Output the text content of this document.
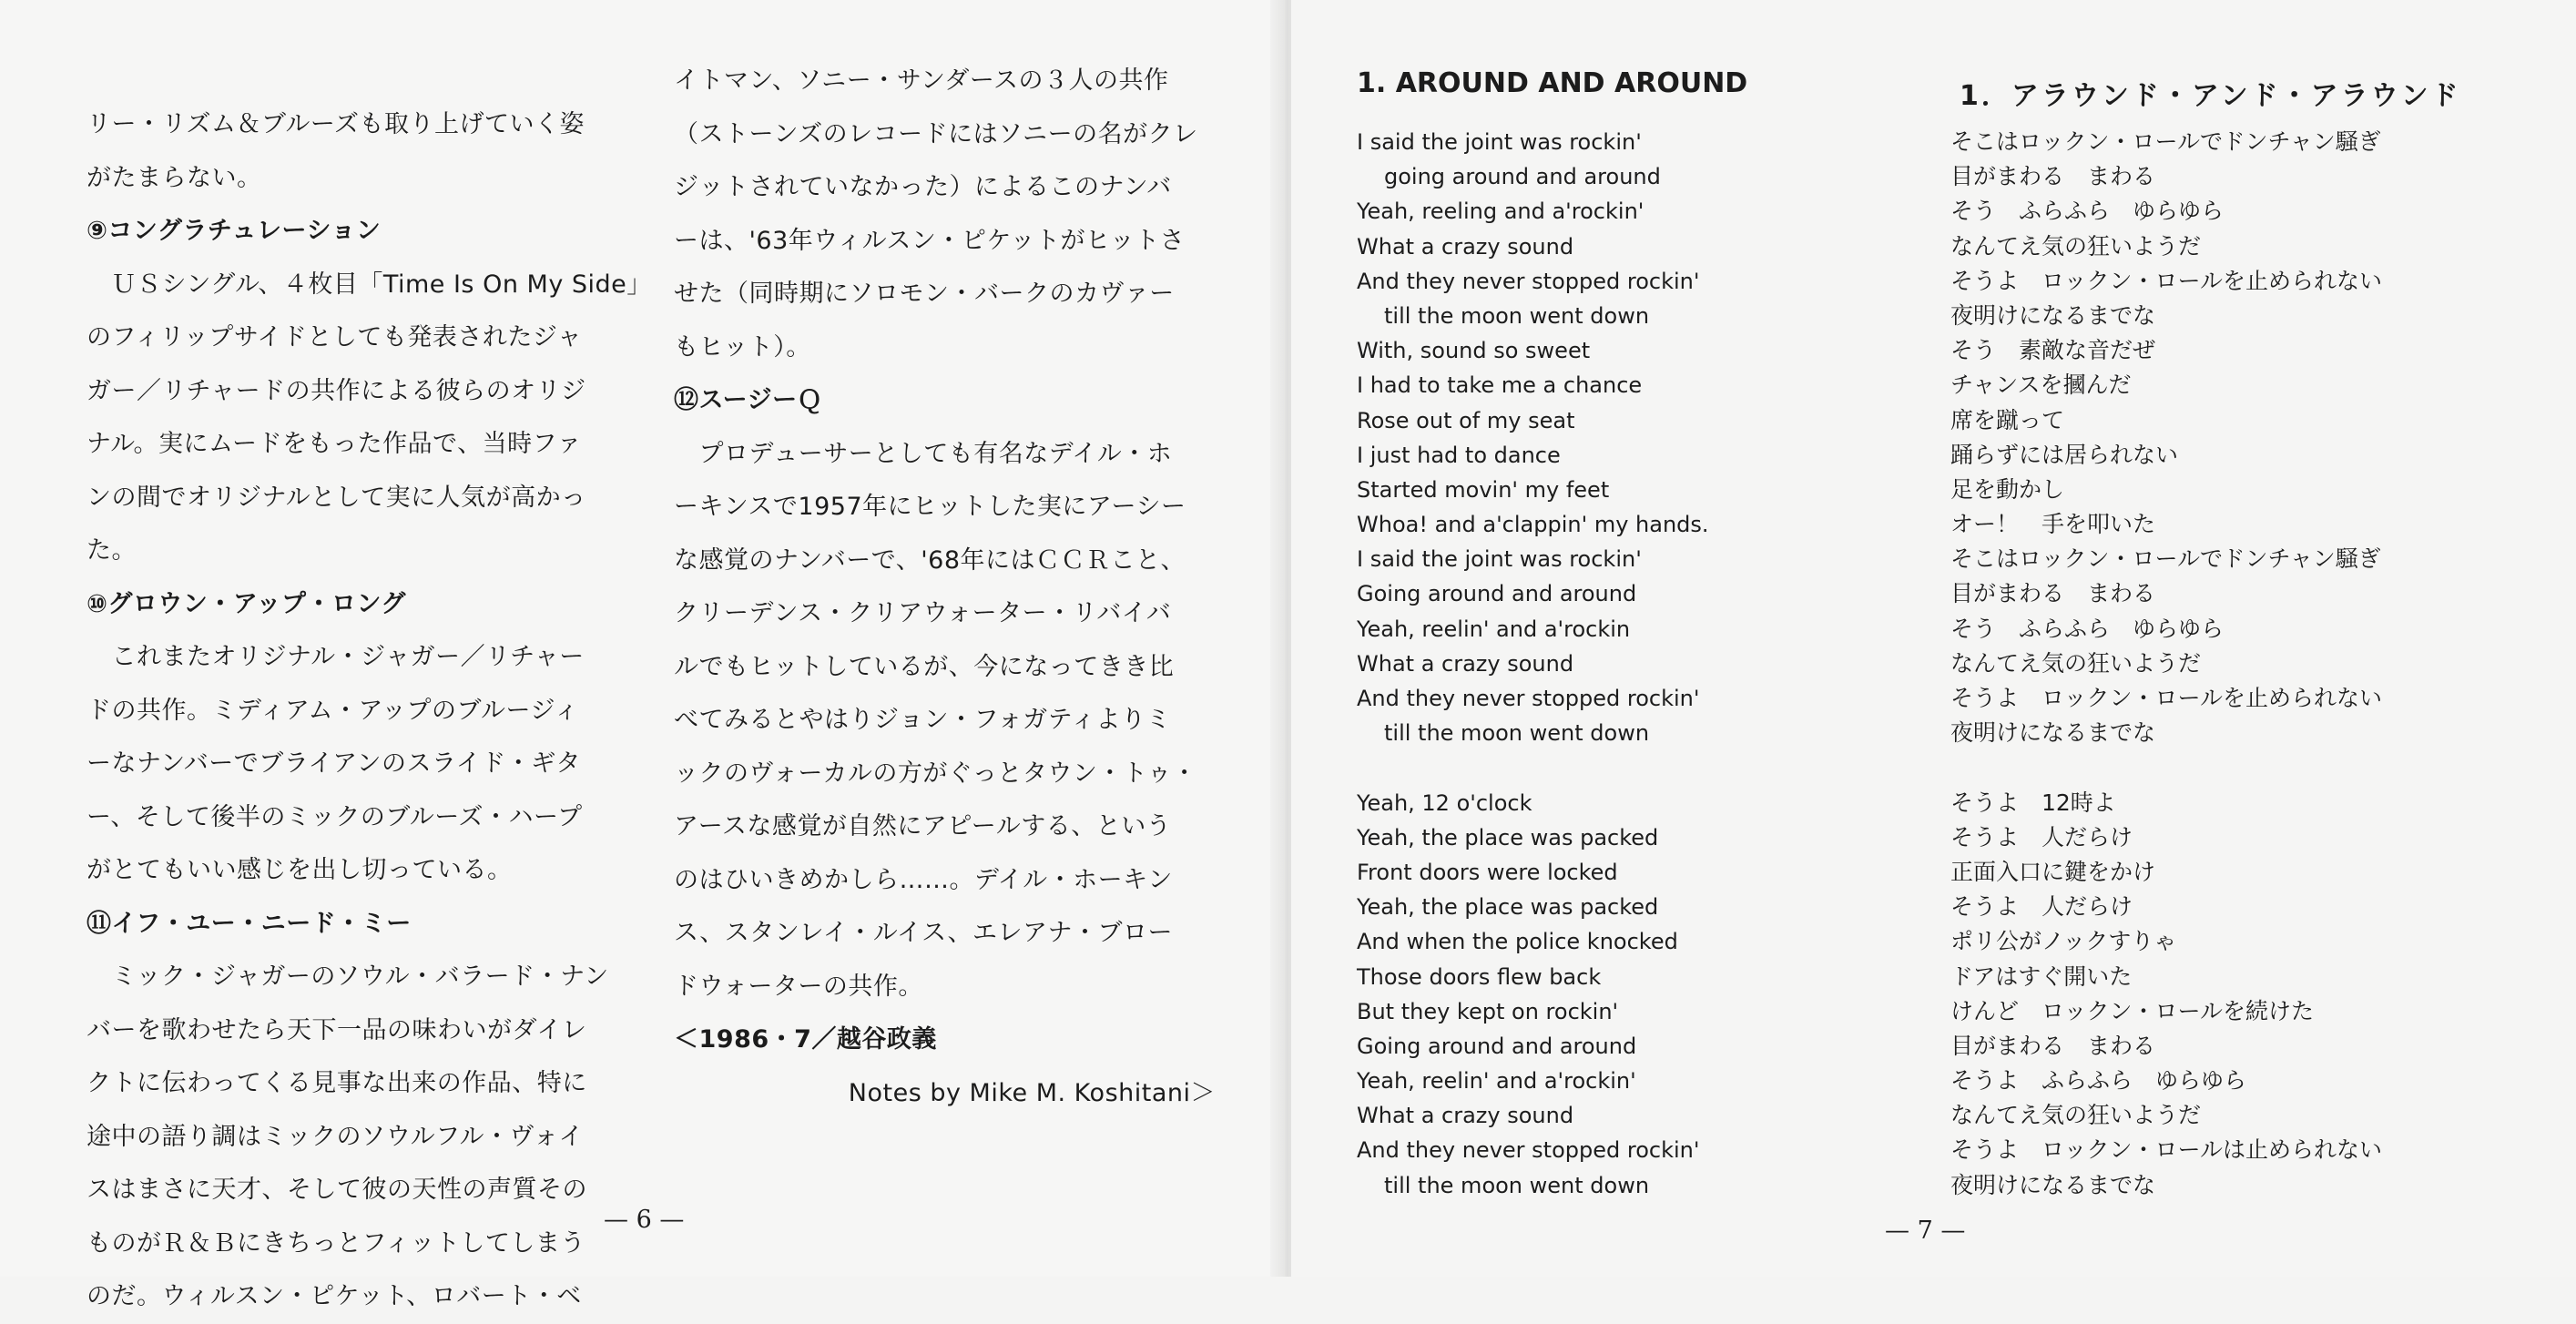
リー・リズム＆ブルーズも取り上げていく姿

がたまらない。

⑨コングラチュレーション

　ＵＳシングル、４枚目「Time Is On My Side」

のフィリップサイドとしても発表されたジャ

ガー／リチャードの共作による彼らのオリジ

ナル。実にムードをもった作品で、当時ファ

ンの間でオリジナルとして実に人気が高かっ

た。

⑩グロウン・アップ・ロング

　これまたオリジナル・ジャガー／リチャー

ドの共作。ミディアム・アップのブルージィ

ーなナンバーでブライアンのスライド・ギタ

ー、そして後半のミックのブルーズ・ハープ

がとてもいい感じを出し切っている。

⑪イフ・ユー・ニード・ミー

　ミック・ジャガーのソウル・バラード・ナン

バーを歌わせたら天下一品の味わいがダイレ

クトに伝わってくる見事な出来の作品、特に

途中の語り調はミックのソウルフル・ヴォイ

スはまさに天才、そして彼の天性の声質その

ものがＲ＆Ｂにきちっとフィットしてしまう

のだ。ウィルスン・ピケット、ロバート・ベ

イトマン、ソニー・サンダースの３人の共作

（ストーンズのレコードにはソニーの名がクレ

ジットされていなかった）によるこのナンバ

ーは、'63年ウィルスン・ピケットがヒットさ

せた（同時期にソロモン・バークのカヴァー

もヒット）。

⑫スージーＱ

　プロデューサーとしても有名なデイル・ホ

ーキンスで1957年にヒットした実にアーシー

な感覚のナンバーで、'68年にはＣＣＲこと、

クリーデンス・クリアウォーター・リバイバ

ルでもヒットしているが、今になってきき比

べてみるとやはりジョン・フォガティよりミ

ックのヴォーカルの方がぐっとタウン・トゥ・

アースな感覚が自然にアピールする、という

のはひいきめかしら……。デイル・ホーキン

ス、スタンレイ・ルイス、エレアナ・ブロー

ドウォーターの共作。

＜1986・7／越谷政義

Notes by Mike M. Koshitani＞

— 6 —

1. AROUND AND AROUND

I said the joint was rockin'
going around and around
Yeah, reeling and a'rockin'
What a crazy sound
And they never stopped rockin'
till the moon went down
With, sound so sweet
I had to take me a chance
Rose out of my seat
I just had to dance
Started movin' my feet
Whoa! and a'clappin' my hands.
I said the joint was rockin'
Going around and around
Yeah, reelin' and a'rockin
What a crazy sound
And they never stopped rockin'
till the moon went down
Yeah, 12 o'clock
Yeah, the place was packed
Front doors were locked
Yeah, the place was packed
And when the police knocked
Those doors flew back
But they kept on rockin'
Going around and around
Yeah, reelin' and a'rockin'
What a crazy sound
And they never stopped rockin'
till the moon went down

1．アラウンド・アンド・アラウンド

そこはロックン・ロールでドンチャン騒ぎ
目がまわる　まわる
そう　ふらふら　ゆらゆら
なんてえ気の狂いようだ
そうよ　ロックン・ロールを止められない
夜明けになるまでな
そう　素敵な音だぜ
チャンスを摑んだ
席を蹴って
踊らずには居られない
足を動かし
オー！　手を叩いた
そこはロックン・ロールでドンチャン騒ぎ
目がまわる　まわる
そう　ふらふら　ゆらゆら
なんてえ気の狂いようだ
そうよ　ロックン・ロールを止められない
夜明けになるまでな
そうよ　12時よ
そうよ　人だらけ
正面入口に鍵をかけ
そうよ　人だらけ
ポリ公がノックすりゃ
ドアはすぐ開いた
けんど　ロックン・ロールを続けた
目がまわる　まわる
そうよ　ふらふら　ゆらゆら
なんてえ気の狂いようだ
そうよ　ロックン・ロールは止められない
夜明けになるまでな

— 7 —
